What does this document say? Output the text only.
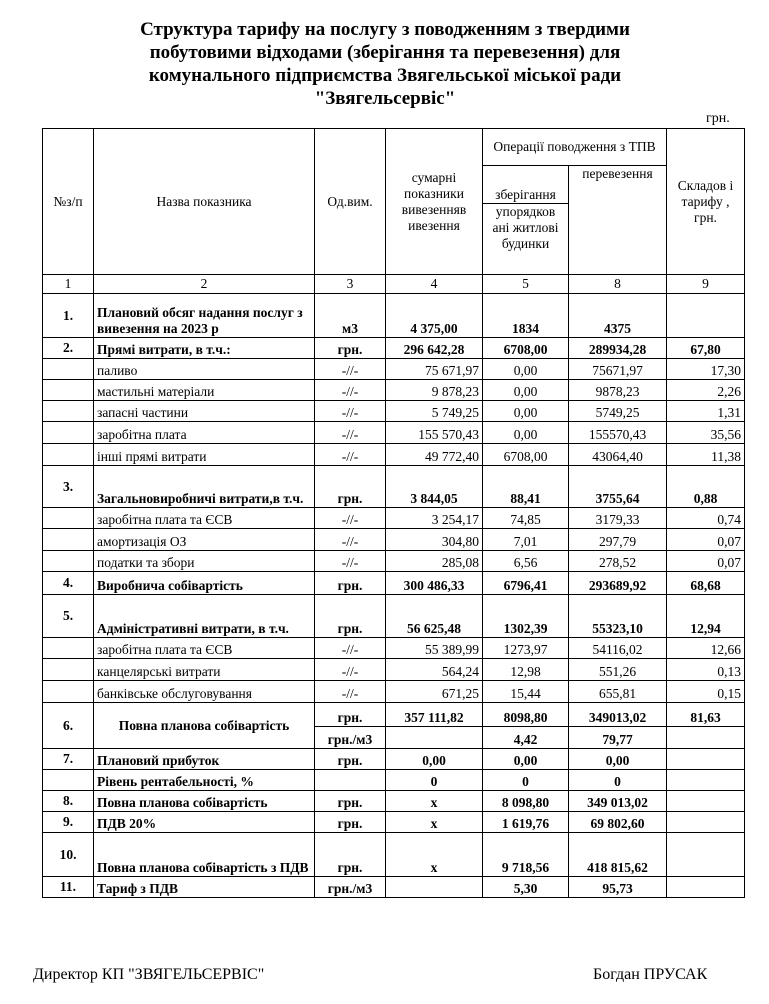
Структура тарифу на послугу з поводженням з твердими
побутовими відходами (зберігання та перевезення) для
комунального підприємства Звягельської міської ради
"Звягельсервіс"
грн.
№з/п	Назва показника	Од.вим.	сумарні показники вивезенняв ивезення	Операції поводження з ТПВ		Складов і тарифу , грн.
				зберігання	перевезення	
				упорядков ані житлові будинки		
1	2	3	4	5	8	9
1.	Плановий обсяг надання послуг з вивезення на 2023 р	м3	4 375,00	1834	4375	
2.	Прямі витрати, в т.ч.:	грн.	296 642,28	6708,00	289934,28	67,80
	паливо	-//-	75 671,97	0,00	75671,97	17,30
	мастильні матеріали	-//-	9 878,23	0,00	9878,23	2,26
	запасні частини	-//-	5 749,25	0,00	5749,25	1,31
	заробітна плата	-//-	155 570,43	0,00	155570,43	35,56
	інші прямі витрати	-//-	49 772,40	6708,00	43064,40	11,38
3.	Загальновиробничі витрати,в т.ч.	грн.	3 844,05	88,41	3755,64	0,88
	заробітна плата та ЄСВ	-//-	3 254,17	74,85	3179,33	0,74
	амортизація ОЗ	-//-	304,80	7,01	297,79	0,07
	податки та збори	-//-	285,08	6,56	278,52	0,07
4.	Виробнича собівартість	грн.	300 486,33	6796,41	293689,92	68,68
5.	Адміністративні витрати, в т.ч.	грн.	56 625,48	1302,39	55323,10	12,94
	заробітна плата та ЄСВ	-//-	55 389,99	1273,97	54116,02	12,66
	канцелярські витрати	-//-	564,24	12,98	551,26	0,13
	банківське обслуговування	-//-	671,25	15,44	655,81	0,15
6.	Повна планова собівартість	грн.	357 111,82	8098,80	349013,02	81,63
		грн./м3		4,42	79,77	
7.	Плановий прибуток	грн.	0,00	0,00	0,00	
	Рівень рентабельності, %		0	0	0	
8.	Повна планова собівартість	грн.	х	8 098,80	349 013,02	
9.	ПДВ 20%	грн.	х	1 619,76	69 802,60	
10.	Повна планова собівартість з ПДВ	грн.	х	9 718,56	418 815,62	
11.	Тариф з ПДВ	грн./м3		5,30	95,73	
Директор КП "ЗВЯГЕЛЬСЕРВІС"	Богдан ПРУСАК
